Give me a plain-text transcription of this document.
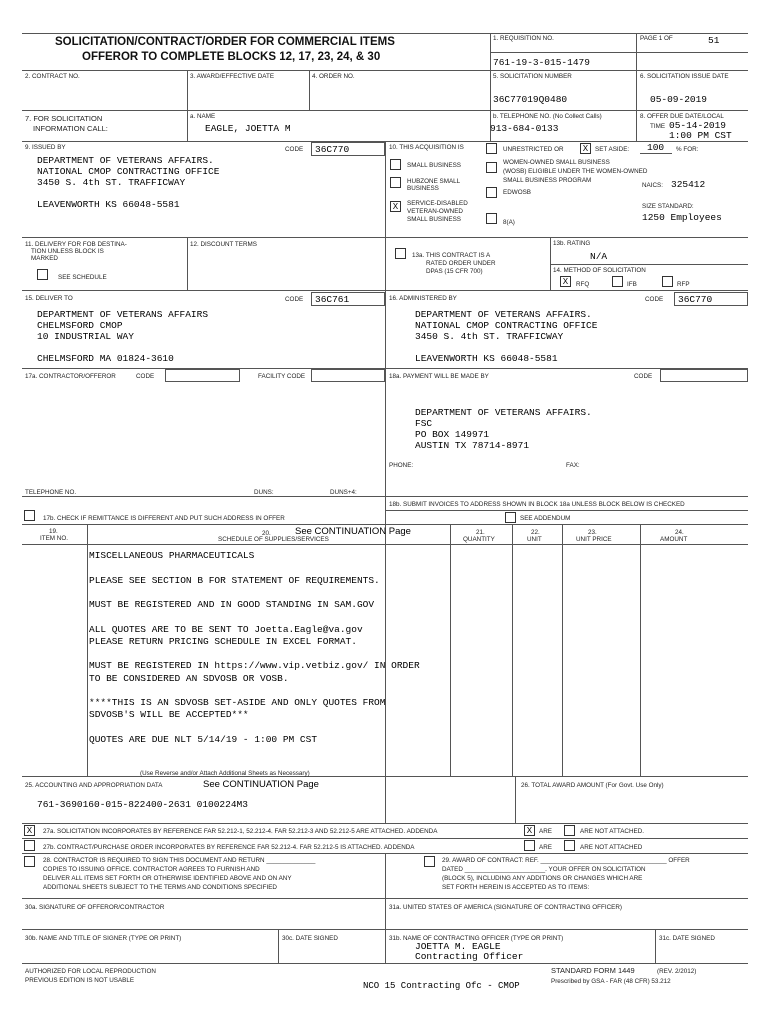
SOLICITATION/CONTRACT/ORDER FOR COMMERCIAL ITEMS
OFFEROR TO COMPLETE BLOCKS 12, 17, 23, 24, & 30
1. REQUISITION NO.
761-19-3-015-1479
PAGE 1 OF	51
2. CONTRACT NO.	3. AWARD/EFFECTIVE DATE	4. ORDER NO.	5. SOLICITATION NUMBER
36C77019Q0480
6. SOLICITATION ISSUE DATE
05-09-2019
7. FOR SOLICITATION
INFORMATION CALL:
a. NAME
EAGLE, JOETTA M
b. TELEPHONE NO. (No Collect Calls)
913-684-0133
8. OFFER DUE DATE/LOCAL
TIME 05-14-2019
1:00 PM CST
9. ISSUED BY	CODE 36C770
DEPARTMENT OF VETERANS AFFAIRS.
NATIONAL CMOP CONTRACTING OFFICE
3450 S. 4th ST. TRAFFICWAY

LEAVENWORTH KS 66048-5581
10. THIS ACQUISITION IS	UNRESTRICTED OR	X	SET ASIDE: 100 % FOR:
SMALL BUSINESS
HUBZONE SMALL
BUSINESS
X	SERVICE-DISABLED
VETERAN-OWNED
SMALL BUSINESS
WOMEN-OWNED SMALL BUSINESS
(WOSB) ELIGIBLE UNDER THE WOMEN-OWNED
SMALL BUSINESS PROGRAM
EDWOSB
8(A)
NAICS: 325412
SIZE STANDARD:
1250 Employees
11. DELIVERY FOR FOB DESTINA-
TION UNLESS BLOCK IS
MARKED
SEE SCHEDULE
12. DISCOUNT TERMS
13a. THIS CONTRACT IS A
RATED ORDER UNDER
DPAS (15 CFR 700)
13b. RATING
N/A
14. METHOD OF SOLICITATION
X	RFQ	IFB	RFP
15. DELIVER TO	CODE 36C761
DEPARTMENT OF VETERANS AFFAIRS
CHELMSFORD CMOP
10 INDUSTRIAL WAY

CHELMSFORD MA 01824-3610
16. ADMINISTERED BY	CODE 36C770
DEPARTMENT OF VETERANS AFFAIRS.
NATIONAL CMOP CONTRACTING OFFICE
3450 S. 4th ST. TRAFFICWAY

LEAVENWORTH KS 66048-5581
17a. CONTRACTOR/OFFEROR	CODE	FACILITY CODE	18a. PAYMENT WILL BE MADE BY	CODE
DEPARTMENT OF VETERANS AFFAIRS.
FSC
PO BOX 149971
AUSTIN TX 78714-8971
PHONE:	FAX:
TELEPHONE NO.	DUNS:	DUNS+4:
17b. CHECK IF REMITTANCE IS DIFFERENT AND PUT SUCH ADDRESS IN OFFER
18b. SUBMIT INVOICES TO ADDRESS SHOWN IN BLOCK 18a UNLESS BLOCK BELOW IS CHECKED
SEE ADDENDUM
19.
ITEM NO.
20.
SCHEDULE OF SUPPLIES/SERVICES
See CONTINUATION Page	21.
QUANTITY
22.
UNIT
23.
UNIT PRICE
24.
AMOUNT
MISCELLANEOUS PHARMACEUTICALS

PLEASE SEE SECTION B FOR STATEMENT OF REQUIREMENTS.

MUST BE REGISTERED AND IN GOOD STANDING IN SAM.GOV

ALL QUOTES ARE TO BE SENT TO Joetta.Eagle@va.gov
PLEASE RETURN PRICING SCHEDULE IN EXCEL FORMAT.

MUST BE REGISTERED IN https://www.vip.vetbiz.gov/ IN ORDER
TO BE CONSIDERED AN SDVOSB OR VOSB.

****THIS IS AN SDVOSB SET-ASIDE AND ONLY QUOTES FROM
SDVOSB'S WILL BE ACCEPTED***

QUOTES ARE DUE NLT 5/14/19 - 1:00 PM CST
(Use Reverse and/or Attach Additional Sheets as Necessary)
25. ACCOUNTING AND APPROPRIATION DATA	See CONTINUATION Page	26. TOTAL AWARD AMOUNT (For Govt. Use Only)
761-3690160-015-822400-2631 0100224M3
X	27a. SOLICITATION INCORPORATES BY REFERENCE FAR 52.212-1, 52.212-4. FAR 52.212-3 AND 52.212-5 ARE ATTACHED. ADDENDA	X	ARE	ARE NOT ATTACHED.
27b. CONTRACT/PURCHASE ORDER INCORPORATES BY REFERENCE FAR 52.212-4. FAR 52.212-5 IS ATTACHED. ADDENDA	ARE	ARE NOT ATTACHED
28. CONTRACTOR IS REQUIRED TO SIGN THIS DOCUMENT AND RETURN ______________
COPIES TO ISSUING OFFICE. CONTRACTOR AGREES TO FURNISH AND
DELIVER ALL ITEMS SET FORTH OR OTHERWISE IDENTIFIED ABOVE AND ON ANY
ADDITIONAL SHEETS SUBJECT TO THE TERMS AND CONDITIONS SPECIFIED
29. AWARD OF CONTRACT: REF. ____________________________________ OFFER
DATED _______________________. YOUR OFFER ON SOLICITATION
(BLOCK 5), INCLUDING ANY ADDITIONS OR CHANGES WHICH ARE
SET FORTH HEREIN IS ACCEPTED AS TO ITEMS:
30a. SIGNATURE OF OFFEROR/CONTRACTOR	31a. UNITED STATES OF AMERICA (SIGNATURE OF CONTRACTING OFFICER)
30b. NAME AND TITLE OF SIGNER (TYPE OR PRINT)	30c. DATE SIGNED	31b. NAME OF CONTRACTING OFFICER (TYPE OR PRINT)	31c. DATE SIGNED
JOETTA M. EAGLE
Contracting Officer
AUTHORIZED FOR LOCAL REPRODUCTION
PREVIOUS EDITION IS NOT USABLE
NCO 15 Contracting Ofc - CMOP
STANDARD FORM 1449	(REV. 2/2012)
Prescribed by GSA - FAR (48 CFR) 53.212
